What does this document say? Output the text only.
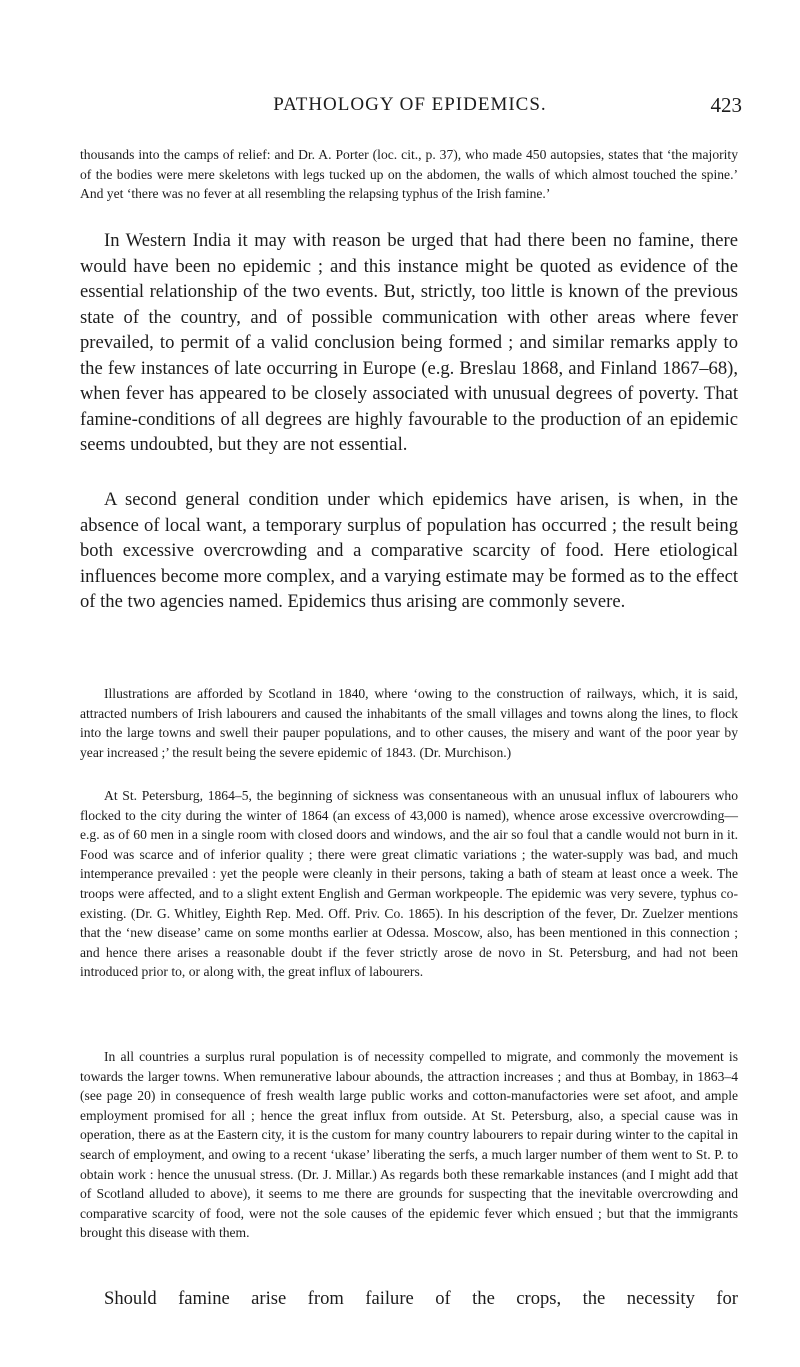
PATHOLOGY OF EPIDEMICS.	423

thousands into the camps of relief: and Dr. A. Porter (loc. cit., p. 37), who made 450 autopsies, states that ‘the majority of the bodies were mere skeletons with legs tucked up on the abdomen, the walls of which almost touched the spine.’ And yet ‘there was no fever at all resembling the relapsing typhus of the Irish famine.’

In Western India it may with reason be urged that had there been no famine, there would have been no epidemic ; and this instance might be quoted as evidence of the essential relationship of the two events. But, strictly, too little is known of the previous state of the country, and of possible communication with other areas where fever prevailed, to permit of a valid conclusion being formed ; and similar remarks apply to the few instances of late occurring in Europe (e.g. Breslau 1868, and Finland 1867–68), when fever has appeared to be closely associated with unusual degrees of poverty. That famine-conditions of all degrees are highly favourable to the production of an epidemic seems undoubted, but they are not essential.

A second general condition under which epidemics have arisen, is when, in the absence of local want, a temporary surplus of population has occurred ; the result being both excessive overcrowding and a comparative scarcity of food. Here etiological influences become more complex, and a varying estimate may be formed as to the effect of the two agencies named. Epidemics thus arising are commonly severe.

Illustrations are afforded by Scotland in 1840, where ‘owing to the construction of railways, which, it is said, attracted numbers of Irish labourers and caused the inhabitants of the small villages and towns along the lines, to flock into the large towns and swell their pauper populations, and to other causes, the misery and want of the poor year by year increased ;’ the result being the severe epidemic of 1843. (Dr. Murchison.)

At St. Petersburg, 1864–5, the beginning of sickness was consentaneous with an unusual influx of labourers who flocked to the city during the winter of 1864 (an excess of 43,000 is named), whence arose excessive overcrowding—e.g. as of 60 men in a single room with closed doors and windows, and the air so foul that a candle would not burn in it. Food was scarce and of inferior quality ; there were great climatic variations ; the water-supply was bad, and much intemperance prevailed : yet the people were cleanly in their persons, taking a bath of steam at least once a week. The troops were affected, and to a slight extent English and German workpeople. The epidemic was very severe, typhus co-existing. (Dr. G. Whitley, Eighth Rep. Med. Off. Priv. Co. 1865). In his description of the fever, Dr. Zuelzer mentions that the ‘new disease’ came on some months earlier at Odessa. Moscow, also, has been mentioned in this connection ; and hence there arises a reasonable doubt if the fever strictly arose de novo in St. Petersburg, and had not been introduced prior to, or along with, the great influx of labourers.

In all countries a surplus rural population is of necessity compelled to migrate, and commonly the movement is towards the larger towns. When remunerative labour abounds, the attraction increases ; and thus at Bombay, in 1863–4 (see page 20) in consequence of fresh wealth large public works and cotton-manufactories were set afoot, and ample employment promised for all ; hence the great influx from outside. At St. Petersburg, also, a special cause was in operation, there as at the Eastern city, it is the custom for many country labourers to repair during winter to the capital in search of employment, and owing to a recent ‘ukase’ liberating the serfs, a much larger number of them went to St. P. to obtain work : hence the unusual stress. (Dr. J. Millar.) As regards both these remarkable instances (and I might add that of Scotland alluded to above), it seems to me there are grounds for suspecting that the inevitable overcrowding and comparative scarcity of food, were not the sole causes of the epidemic fever which ensued ; but that the immigrants brought this disease with them.

Should famine arise from failure of the crops, the necessity for
